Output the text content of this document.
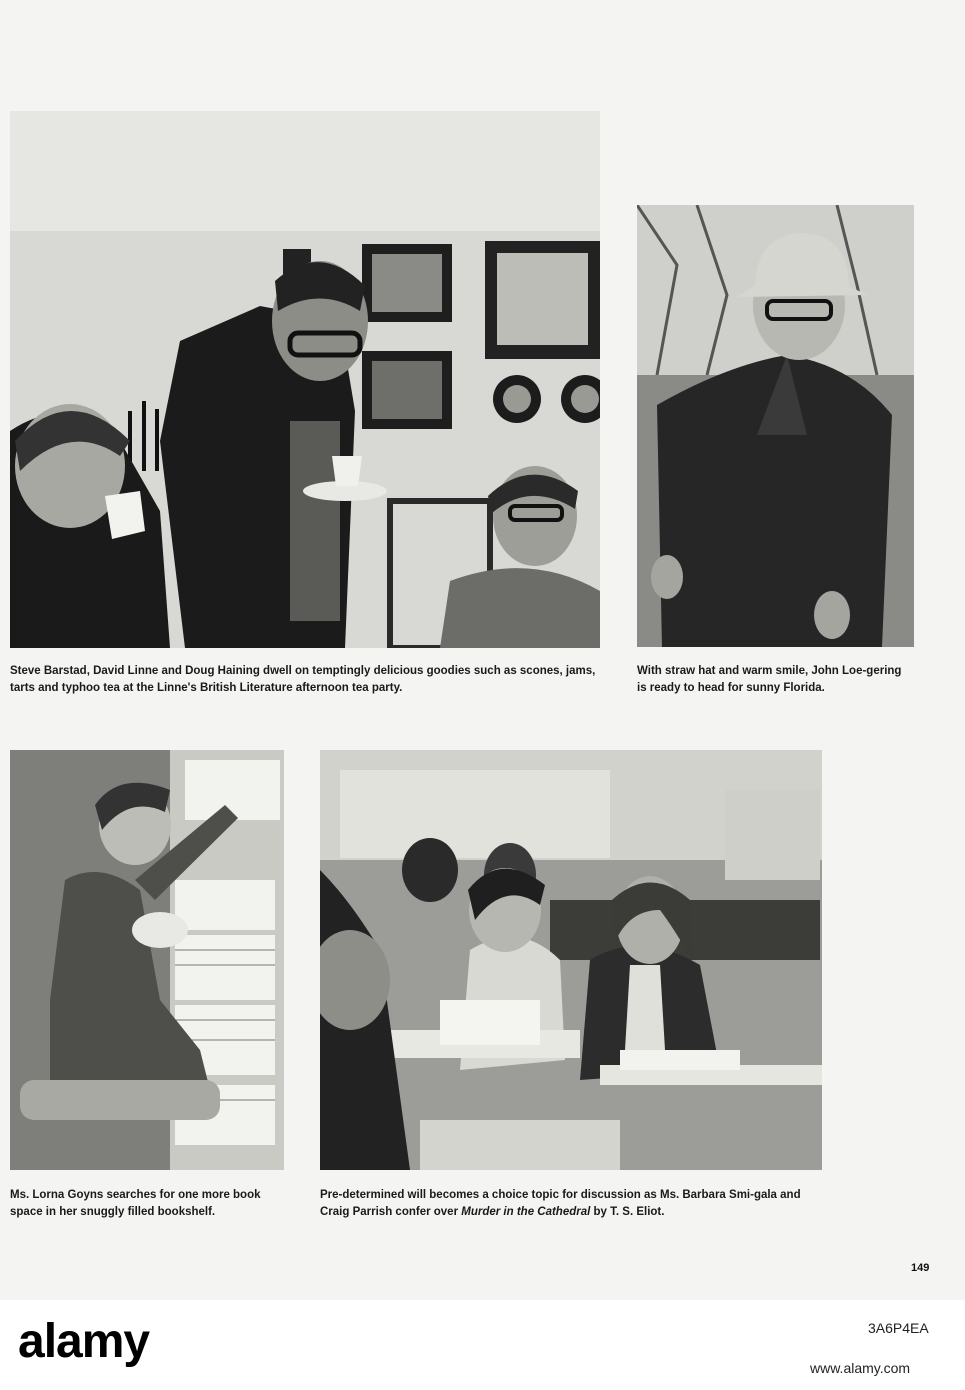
Steve Barstad, David Linne and Doug Haining dwell on temptingly delicious goodies such as scones, jams, tarts and typhoo tea at the Linne's British Literature afternoon tea party.

With straw hat and warm smile, John Loe-gering is ready to head for sunny Florida.

Ms. Lorna Goyns searches for one more book space in her snuggly filled bookshelf.

Pre-determined will becomes a choice topic for discussion as Ms. Barbara Smi-gala and Craig Parrish confer over Murder in the Cathedral by T. S. Eliot.

149

alamy	3A6P4EA
www.alamy.com
